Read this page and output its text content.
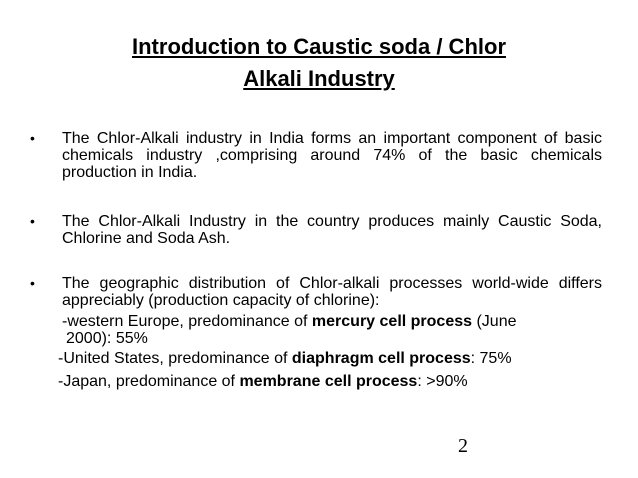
Introduction to Caustic soda / Chlor
Alkali Industry
•	The Chlor-Alkali industry in India forms an important component of basic chemicals industry ,comprising around 74% of the basic chemicals production in India.
•	The Chlor-Alkali Industry in the country produces mainly Caustic Soda, Chlorine and Soda Ash.
•	The geographic distribution of Chlor-alkali processes world-wide differs appreciably (production capacity of chlorine):
-western Europe, predominance of mercury cell process (June
2000): 55%
-United States, predominance of diaphragm cell process: 75%
-Japan, predominance of membrane cell process: >90%
2
